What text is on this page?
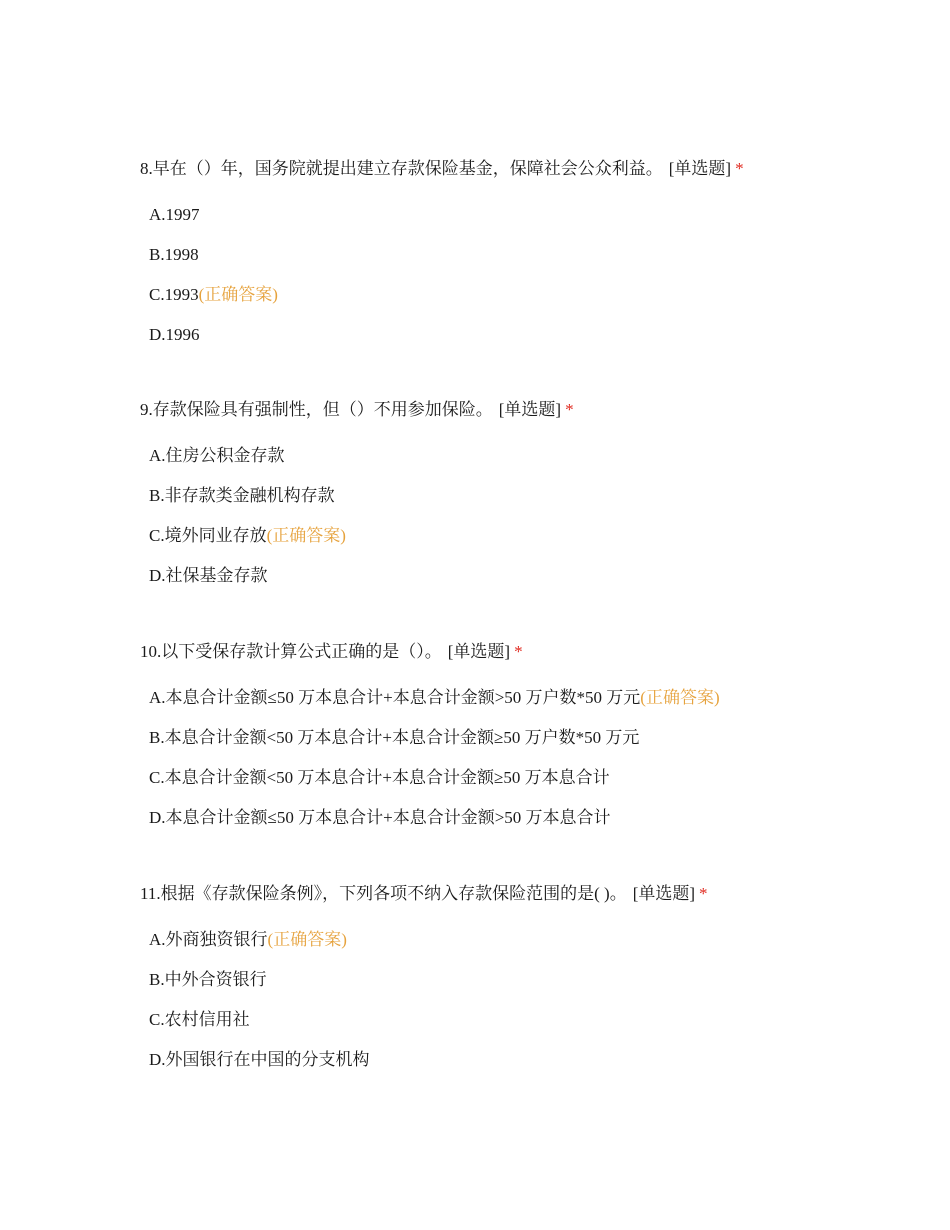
8.早在（）年，国务院就提出建立存款保险基金，保障社会公众利益。 [单选题] *

A.1997
B.1998
C.1993(正确答案)
D.1996

9.存款保险具有强制性，但（）不用参加保险。 [单选题] *

A.住房公积金存款
B.非存款类金融机构存款
C.境外同业存放(正确答案)
D.社保基金存款

10.以下受保存款计算公式正确的是（）。 [单选题] *

A.本息合计金额≤50 万本息合计+本息合计金额>50 万户数*50 万元(正确答案)
B.本息合计金额<50 万本息合计+本息合计金额≥50 万户数*50 万元
C.本息合计金额<50 万本息合计+本息合计金额≥50 万本息合计
D.本息合计金额≤50 万本息合计+本息合计金额>50 万本息合计

11.根据《存款保险条例》，下列各项不纳入存款保险范围的是( )。 [单选题] *

A.外商独资银行(正确答案)
B.中外合资银行
C.农村信用社
D.外国银行在中国的分支机构
